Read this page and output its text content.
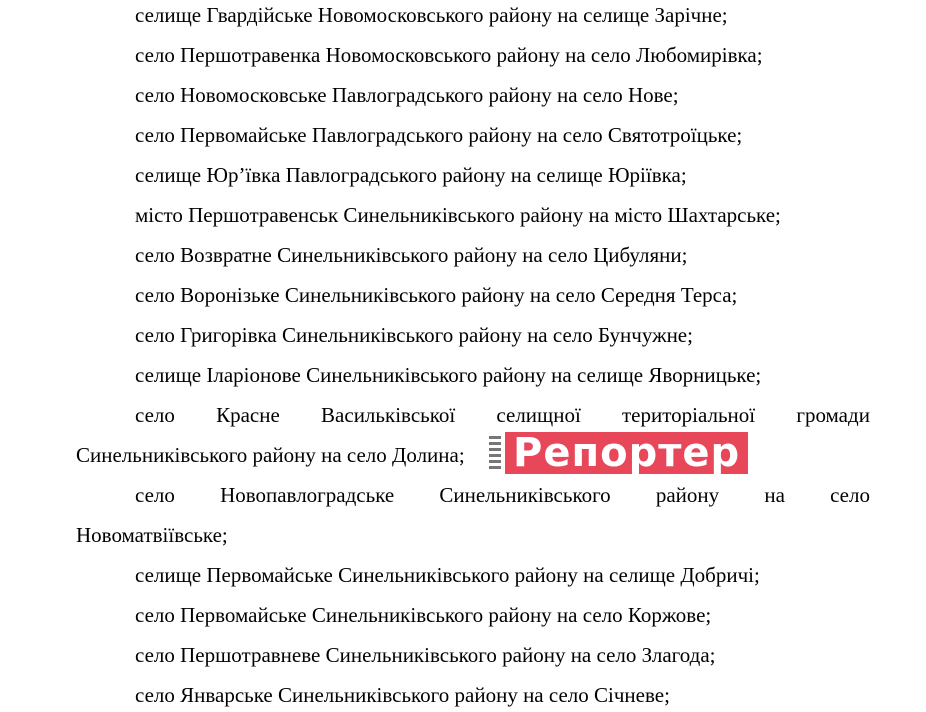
селище Гвардійське Новомосковського району на селище Зарічне;
село Першотравенка Новомосковського району на село Любомирівка;
село Новомосковське Павлоградського району на село Нове;
село Первомайське Павлоградського району на село Святотроїцьке;
селище Юр’ївка Павлоградського району на селище Юріївка;
місто Першотравенськ Синельниківського району на місто Шахтарське;
село Возвратне Синельниківського району на село Цибуляни;
село Воронізьке Синельниківського району на село Середня Терса;
село Григорівка Синельниківського району на село Бунчужне;
селище Іларіонове Синельниківського району на селище Яворницьке;
село Красне Васильківської селищної територіальної громади
Синельниківського району на село Долина;
село Новопавлоградське Синельниківського району на село
Новоматвіївське;
селище Первомайське Синельниківського району на селище Добричі;
село Первомайське Синельниківського району на село Коржове;
село Першотравневе Синельниківського району на село Злагода;
село Январське Синельниківського району на село Січневе;
Репортер
